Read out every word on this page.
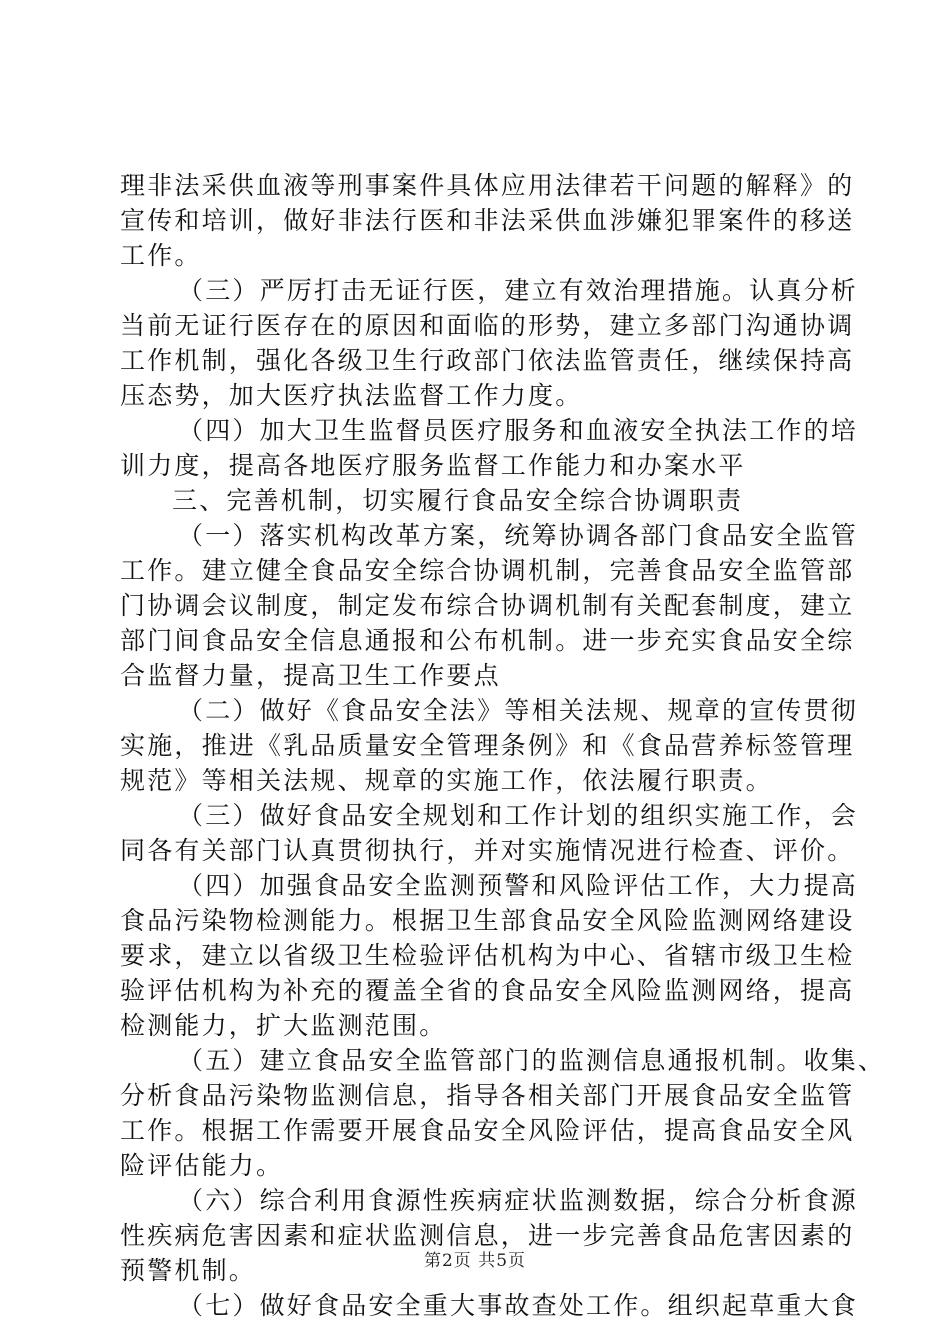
理非法采供血液等刑事案件具体应用法律若干问题的解释》的
宣传和培训，做好非法行医和非法采供血涉嫌犯罪案件的移送
工作。
（三）严厉打击无证行医，建立有效治理措施。认真分析
当前无证行医存在的原因和面临的形势，建立多部门沟通协调
工作机制，强化各级卫生行政部门依法监管责任，继续保持高
压态势，加大医疗执法监督工作力度。
（四）加大卫生监督员医疗服务和血液安全执法工作的培
训力度，提高各地医疗服务监督工作能力和办案水平
三、完善机制，切实履行食品安全综合协调职责
（一）落实机构改革方案，统筹协调各部门食品安全监管
工作。建立健全食品安全综合协调机制，完善食品安全监管部
门协调会议制度，制定发布综合协调机制有关配套制度，建立
部门间食品安全信息通报和公布机制。进一步充实食品安全综
合监督力量，提高卫生工作要点
（二）做好《食品安全法》等相关法规、规章的宣传贯彻
实施，推进《乳品质量安全管理条例》和《食品营养标签管理
规范》等相关法规、规章的实施工作，依法履行职责。
（三）做好食品安全规划和工作计划的组织实施工作，会
同各有关部门认真贯彻执行，并对实施情况进行检查、评价。
（四）加强食品安全监测预警和风险评估工作，大力提高
食品污染物检测能力。根据卫生部食品安全风险监测网络建设
要求，建立以省级卫生检验评估机构为中心、省辖市级卫生检
验评估机构为补充的覆盖全省的食品安全风险监测网络，提高
检测能力，扩大监测范围。
（五）建立食品安全监管部门的监测信息通报机制。收集、
分析食品污染物监测信息，指导各相关部门开展食品安全监管
工作。根据工作需要开展食品安全风险评估，提高食品安全风
险评估能力。
（六）综合利用食源性疾病症状监测数据，综合分析食源
性疾病危害因素和症状监测信息，进一步完善食品危害因素的
预警机制。
（七）做好食品安全重大事故查处工作。组织起草重大食
第2页 共5页
